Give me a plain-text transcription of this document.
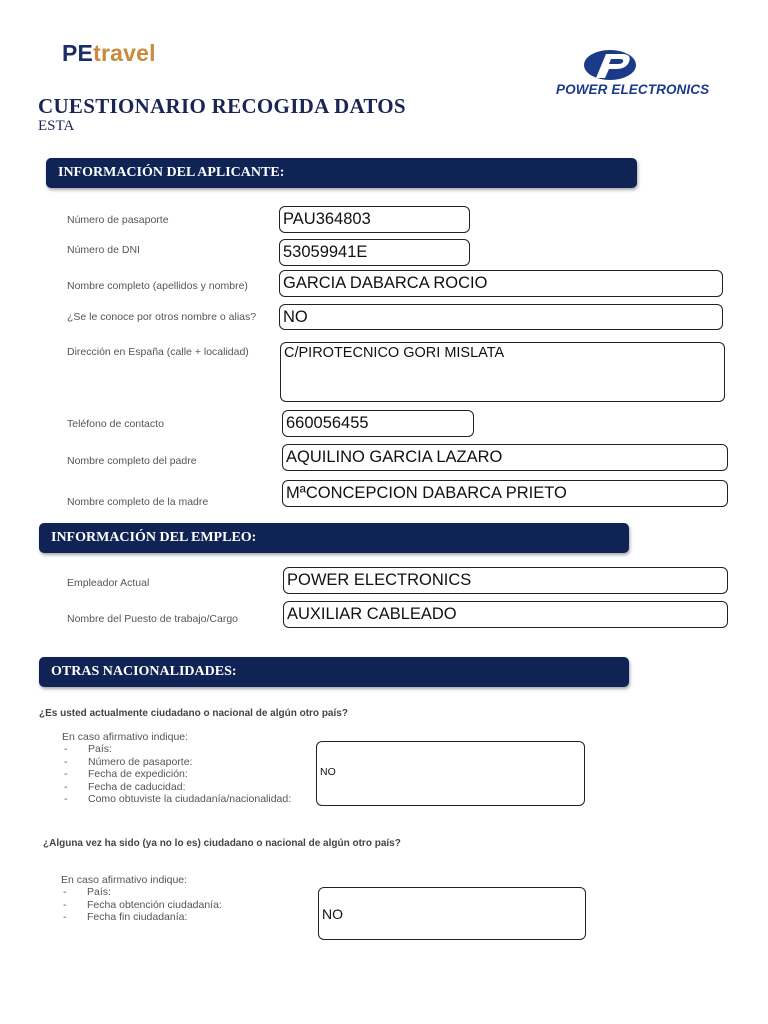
PEtravel
POWER ELECTRONICS
CUESTIONARIO RECOGIDA DATOS
ESTA
INFORMACIÓN DEL APLICANTE:
Número de pasaporte	PAU364803
Número de DNI	53059941E
Nombre completo (apellidos y nombre) GARCIA DABARCA ROCIO
¿Se le conoce por otros nombre o alias? NO
Dirección en España (calle + localidad) C/PIROTECNICO GORI MISLATA
Teléfono de contacto	660056455
Nombre completo del padre	AQUILINO GARCIA LAZARO
Nombre completo de la madre	MªCONCEPCION DABARCA PRIETO
INFORMACIÓN DEL EMPLEO:
Empleador Actual	POWER ELECTRONICS
Nombre del Puesto de trabajo/Cargo	AUXILIAR CABLEADO
OTRAS NACIONALIDADES:
¿Es usted actualmente ciudadano o nacional de algún otro país?
En caso afirmativo indique:
-	País:
-	Número de pasaporte:
-	Fecha de expedición:
-	Fecha de caducidad:
-	Como obtuviste la ciudadanía/nacionalidad:
NO
¿Alguna vez ha sido (ya no lo es) ciudadano o nacional de algún otro país?
En caso afirmativo indique:
-	País:
-	Fecha obtención ciudadanía:
-	Fecha fin ciudadanía:	NO
